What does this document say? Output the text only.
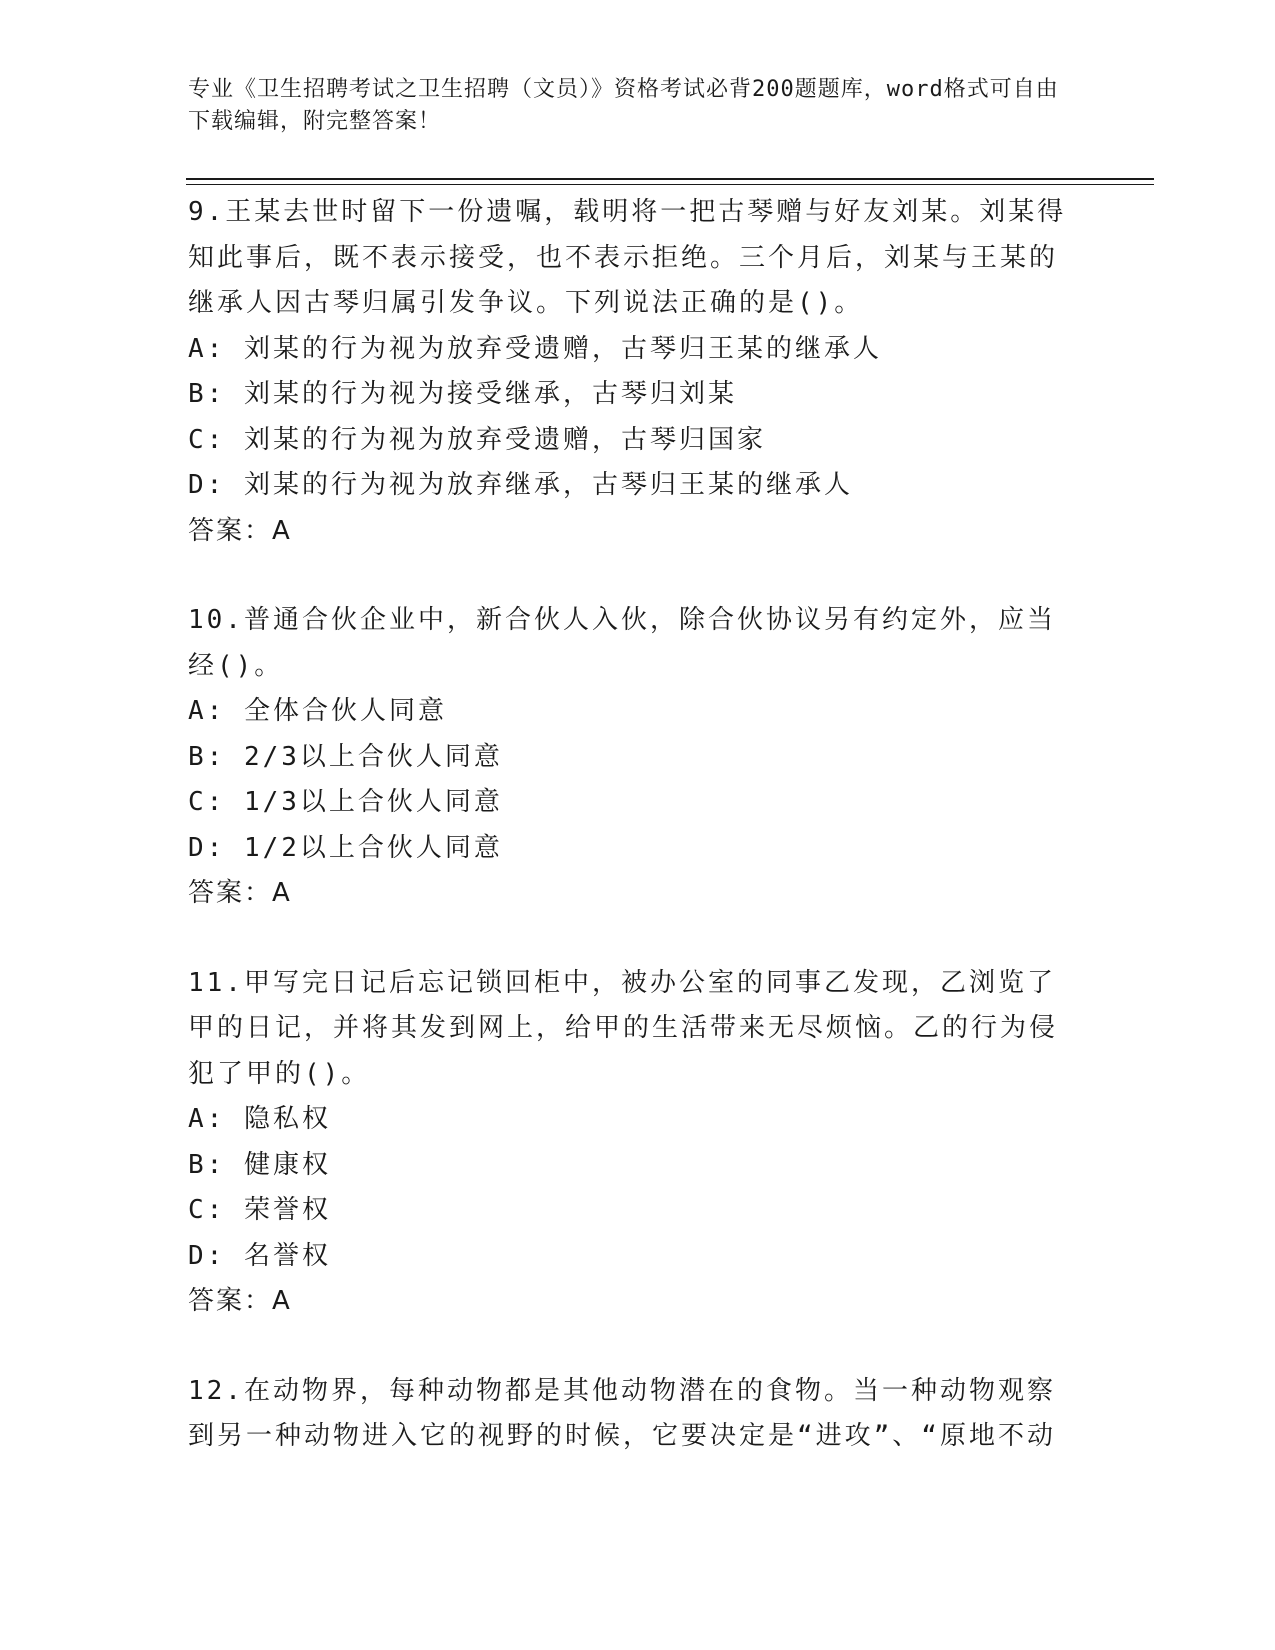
专业《卫生招聘考试之卫生招聘（文员）》资格考试必背200题题库，word格式可自由下载编辑，附完整答案！

9.王某去世时留下一份遗嘱，载明将一把古琴赠与好友刘某。刘某得知此事后，既不表示接受，也不表示拒绝。三个月后，刘某与王某的继承人因古琴归属引发争议。下列说法正确的是()。

A: 刘某的行为视为放弃受遗赠，古琴归王某的继承人

B: 刘某的行为视为接受继承，古琴归刘某

C: 刘某的行为视为放弃受遗赠，古琴归国家

D: 刘某的行为视为放弃继承，古琴归王某的继承人

答案：A

10.普通合伙企业中，新合伙人入伙，除合伙协议另有约定外，应当经()。

A: 全体合伙人同意

B: 2/3以上合伙人同意

C: 1/3以上合伙人同意

D: 1/2以上合伙人同意

答案：A

11.甲写完日记后忘记锁回柜中，被办公室的同事乙发现，乙浏览了甲的日记，并将其发到网上，给甲的生活带来无尽烦恼。乙的行为侵犯了甲的()。

A: 隐私权

B: 健康权

C: 荣誉权

D: 名誉权

答案：A

12.在动物界，每种动物都是其他动物潜在的食物。当一种动物观察到另一种动物进入它的视野的时候，它要决定是“进攻”、“原地不动
